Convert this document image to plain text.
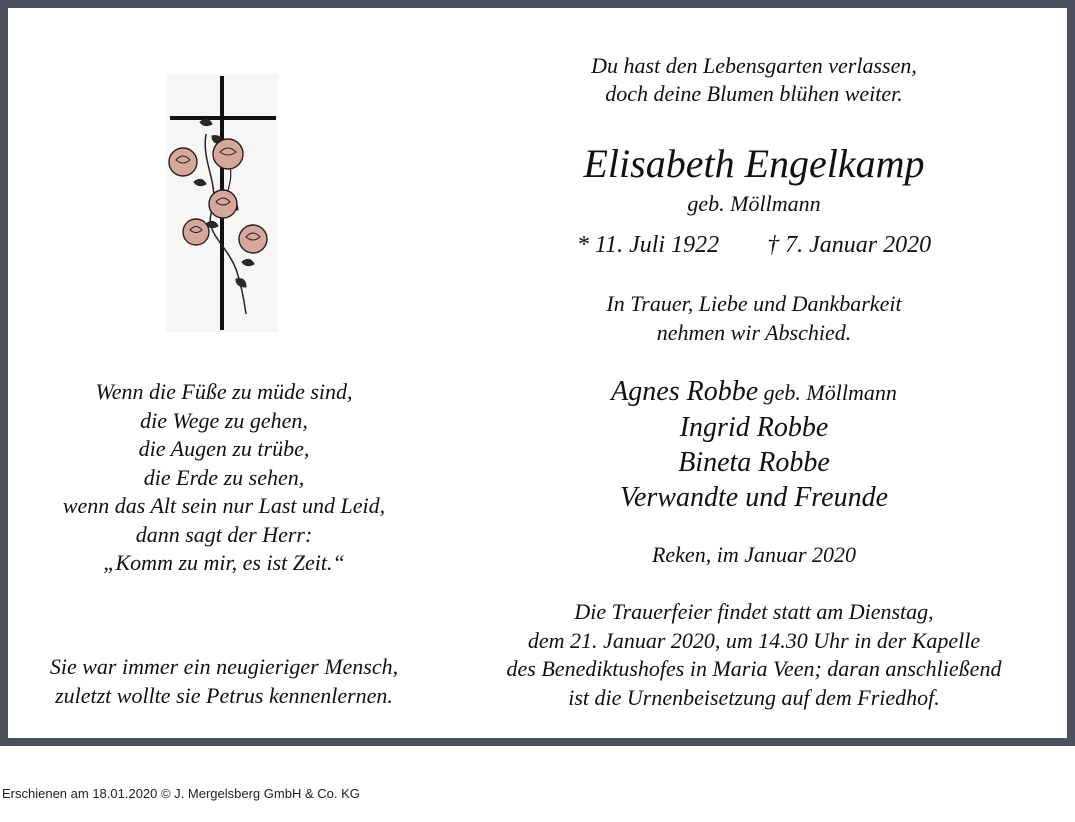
Du hast den Lebensgarten verlassen,
doch deine Blumen blühen weiter.
Elisabeth Engelkamp
geb. Möllmann
* 11. Juli 1922 † 7. Januar 2020
In Trauer, Liebe und Dankbarkeit
nehmen wir Abschied.
Agnes Robbe geb. Möllmann
Ingrid Robbe
Bineta Robbe
Verwandte und Freunde
Reken, im Januar 2020
Die Trauerfeier findet statt am Dienstag,
dem 21. Januar 2020, um 14.30 Uhr in der Kapelle
des Benediktushofes in Maria Veen; daran anschließend
ist die Urnenbeisetzung auf dem Friedhof.
Wenn die Füße zu müde sind,
die Wege zu gehen,
die Augen zu trübe,
die Erde zu sehen,
wenn das Alt sein nur Last und Leid,
dann sagt der Herr:
„Komm zu mir, es ist Zeit.“
Sie war immer ein neugieriger Mensch,
zuletzt wollte sie Petrus kennenlernen.
Erschienen am 18.01.2020 © J. Mergelsberg GmbH & Co. KG
